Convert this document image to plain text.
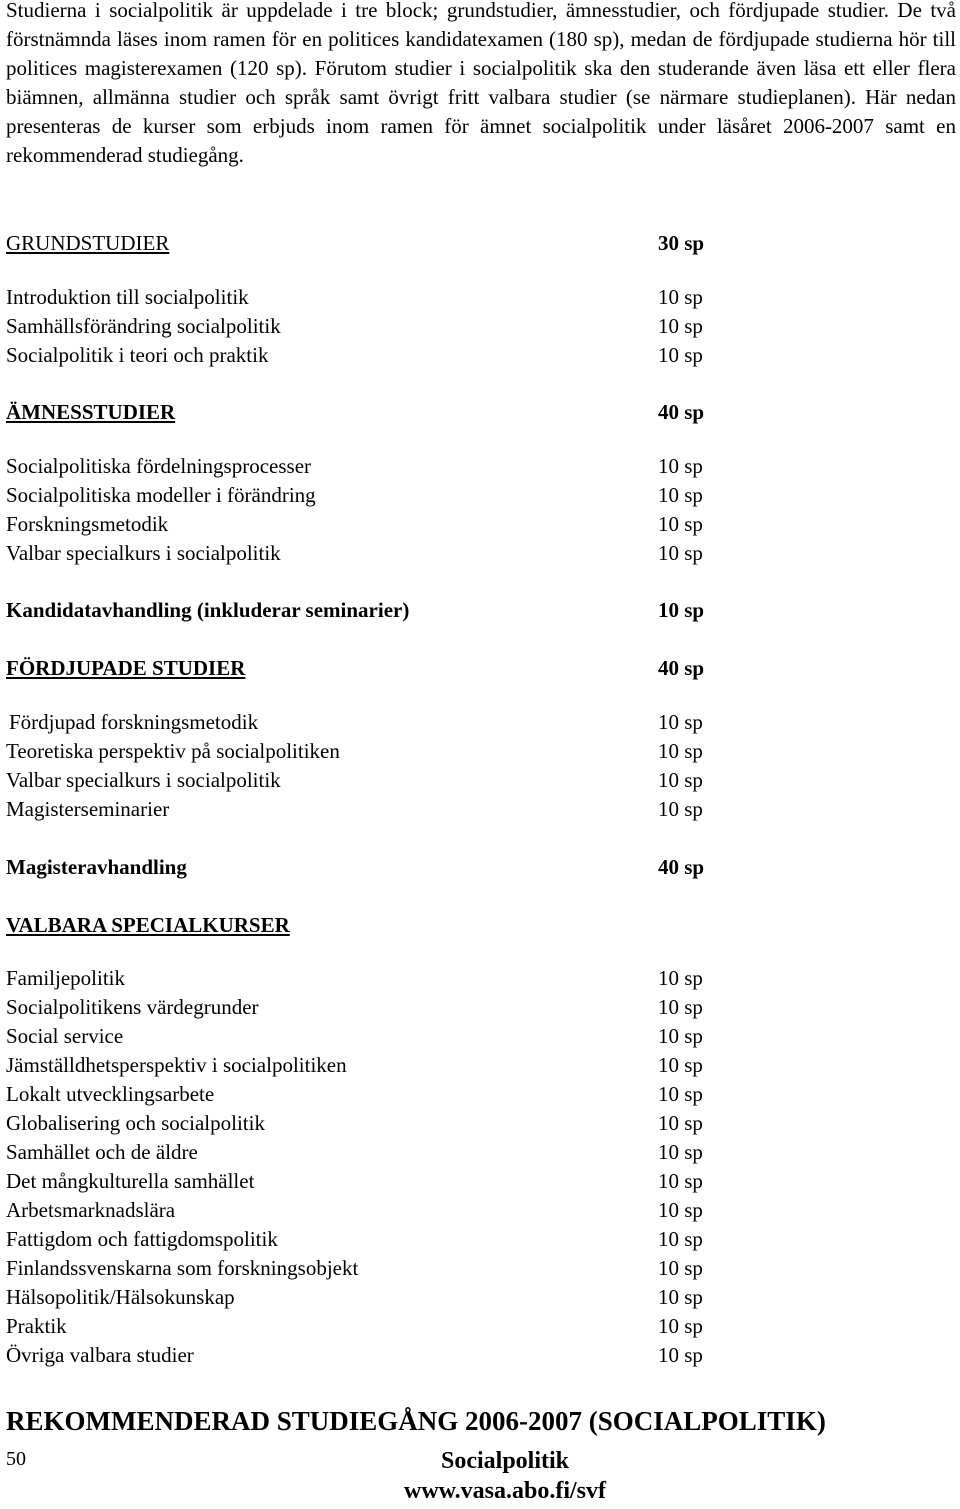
Studierna i socialpolitik är uppdelade i tre block; grundstudier, ämnesstudier, och fördjupade studier. De två förstnämnda läses inom ramen för en politices kandidatexamen (180 sp), medan de fördjupade studierna hör till politices magisterexamen (120 sp). Förutom studier i socialpolitik ska den studerande även läsa ett eller flera biämnen, allmänna studier och språk samt övrigt fritt valbara studier (se närmare studieplanen). Här nedan presenteras de kurser som erbjuds inom ramen för ämnet socialpolitik under läsåret 2006-2007 samt en rekommenderad studiegång.

GRUNDSTUDIER	30 sp
Introduktion till socialpolitik	10 sp
Samhällsförändring socialpolitik	10 sp
Socialpolitik i teori och praktik	10 sp
ÄMNESSTUDIER	40 sp
Socialpolitiska fördelningsprocesser	10 sp
Socialpolitiska modeller i förändring	10 sp
Forskningsmetodik	10 sp
Valbar specialkurs i socialpolitik	10 sp
Kandidatavhandling (inkluderar seminarier)	10 sp
FÖRDJUPADE STUDIER	40 sp
Fördjupad forskningsmetodik	10 sp
Teoretiska perspektiv på socialpolitiken	10 sp
Valbar specialkurs i socialpolitik	10 sp
Magisterseminarier	10 sp
Magisteravhandling	40 sp
VALBARA SPECIALKURSER
Familjepolitik	10 sp
Socialpolitikens värdegrunder	10 sp
Social service	10 sp
Jämställdhetsperspektiv i socialpolitiken	10 sp
Lokalt utvecklingsarbete	10 sp
Globalisering och socialpolitik	10 sp
Samhället och de äldre	10 sp
Det mångkulturella samhället	10 sp
Arbetsmarknadslära	10 sp
Fattigdom och fattigdomspolitik	10 sp
Finlandssvenskarna som forskningsobjekt	10 sp
Hälsopolitik/Hälsokunskap	10 sp
Praktik	10 sp
Övriga valbara studier	10 sp
REKOMMENDERAD STUDIEGÅNG 2006-2007 (SOCIALPOLITIK)
50	Socialpolitik
www.vasa.abo.fi/svf
